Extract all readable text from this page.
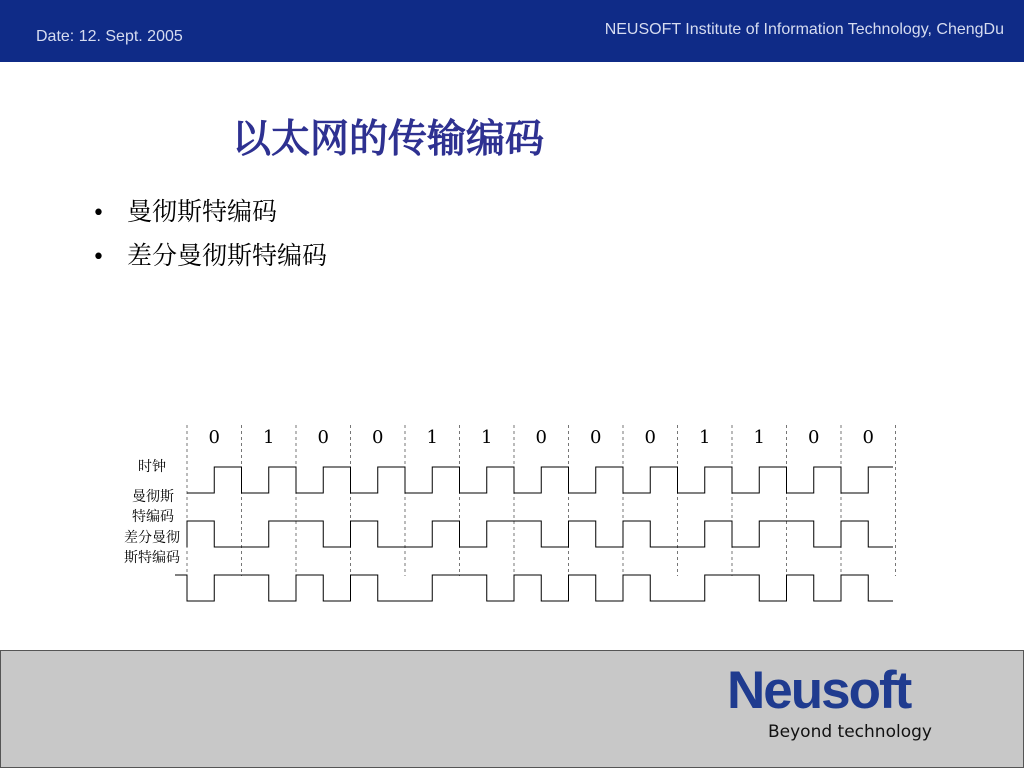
Date: 12. Sept. 2005	NEUSOFT Institute of Information Technology, ChengDu
以太网的传输编码
• 曼彻斯特编码
• 差分曼彻斯特编码
0 1 0 0 1 1 0 0 0 1 1 0 0
时钟
曼彻斯
特编码
差分曼彻
斯特编码
Neusoft
Beyond technology
